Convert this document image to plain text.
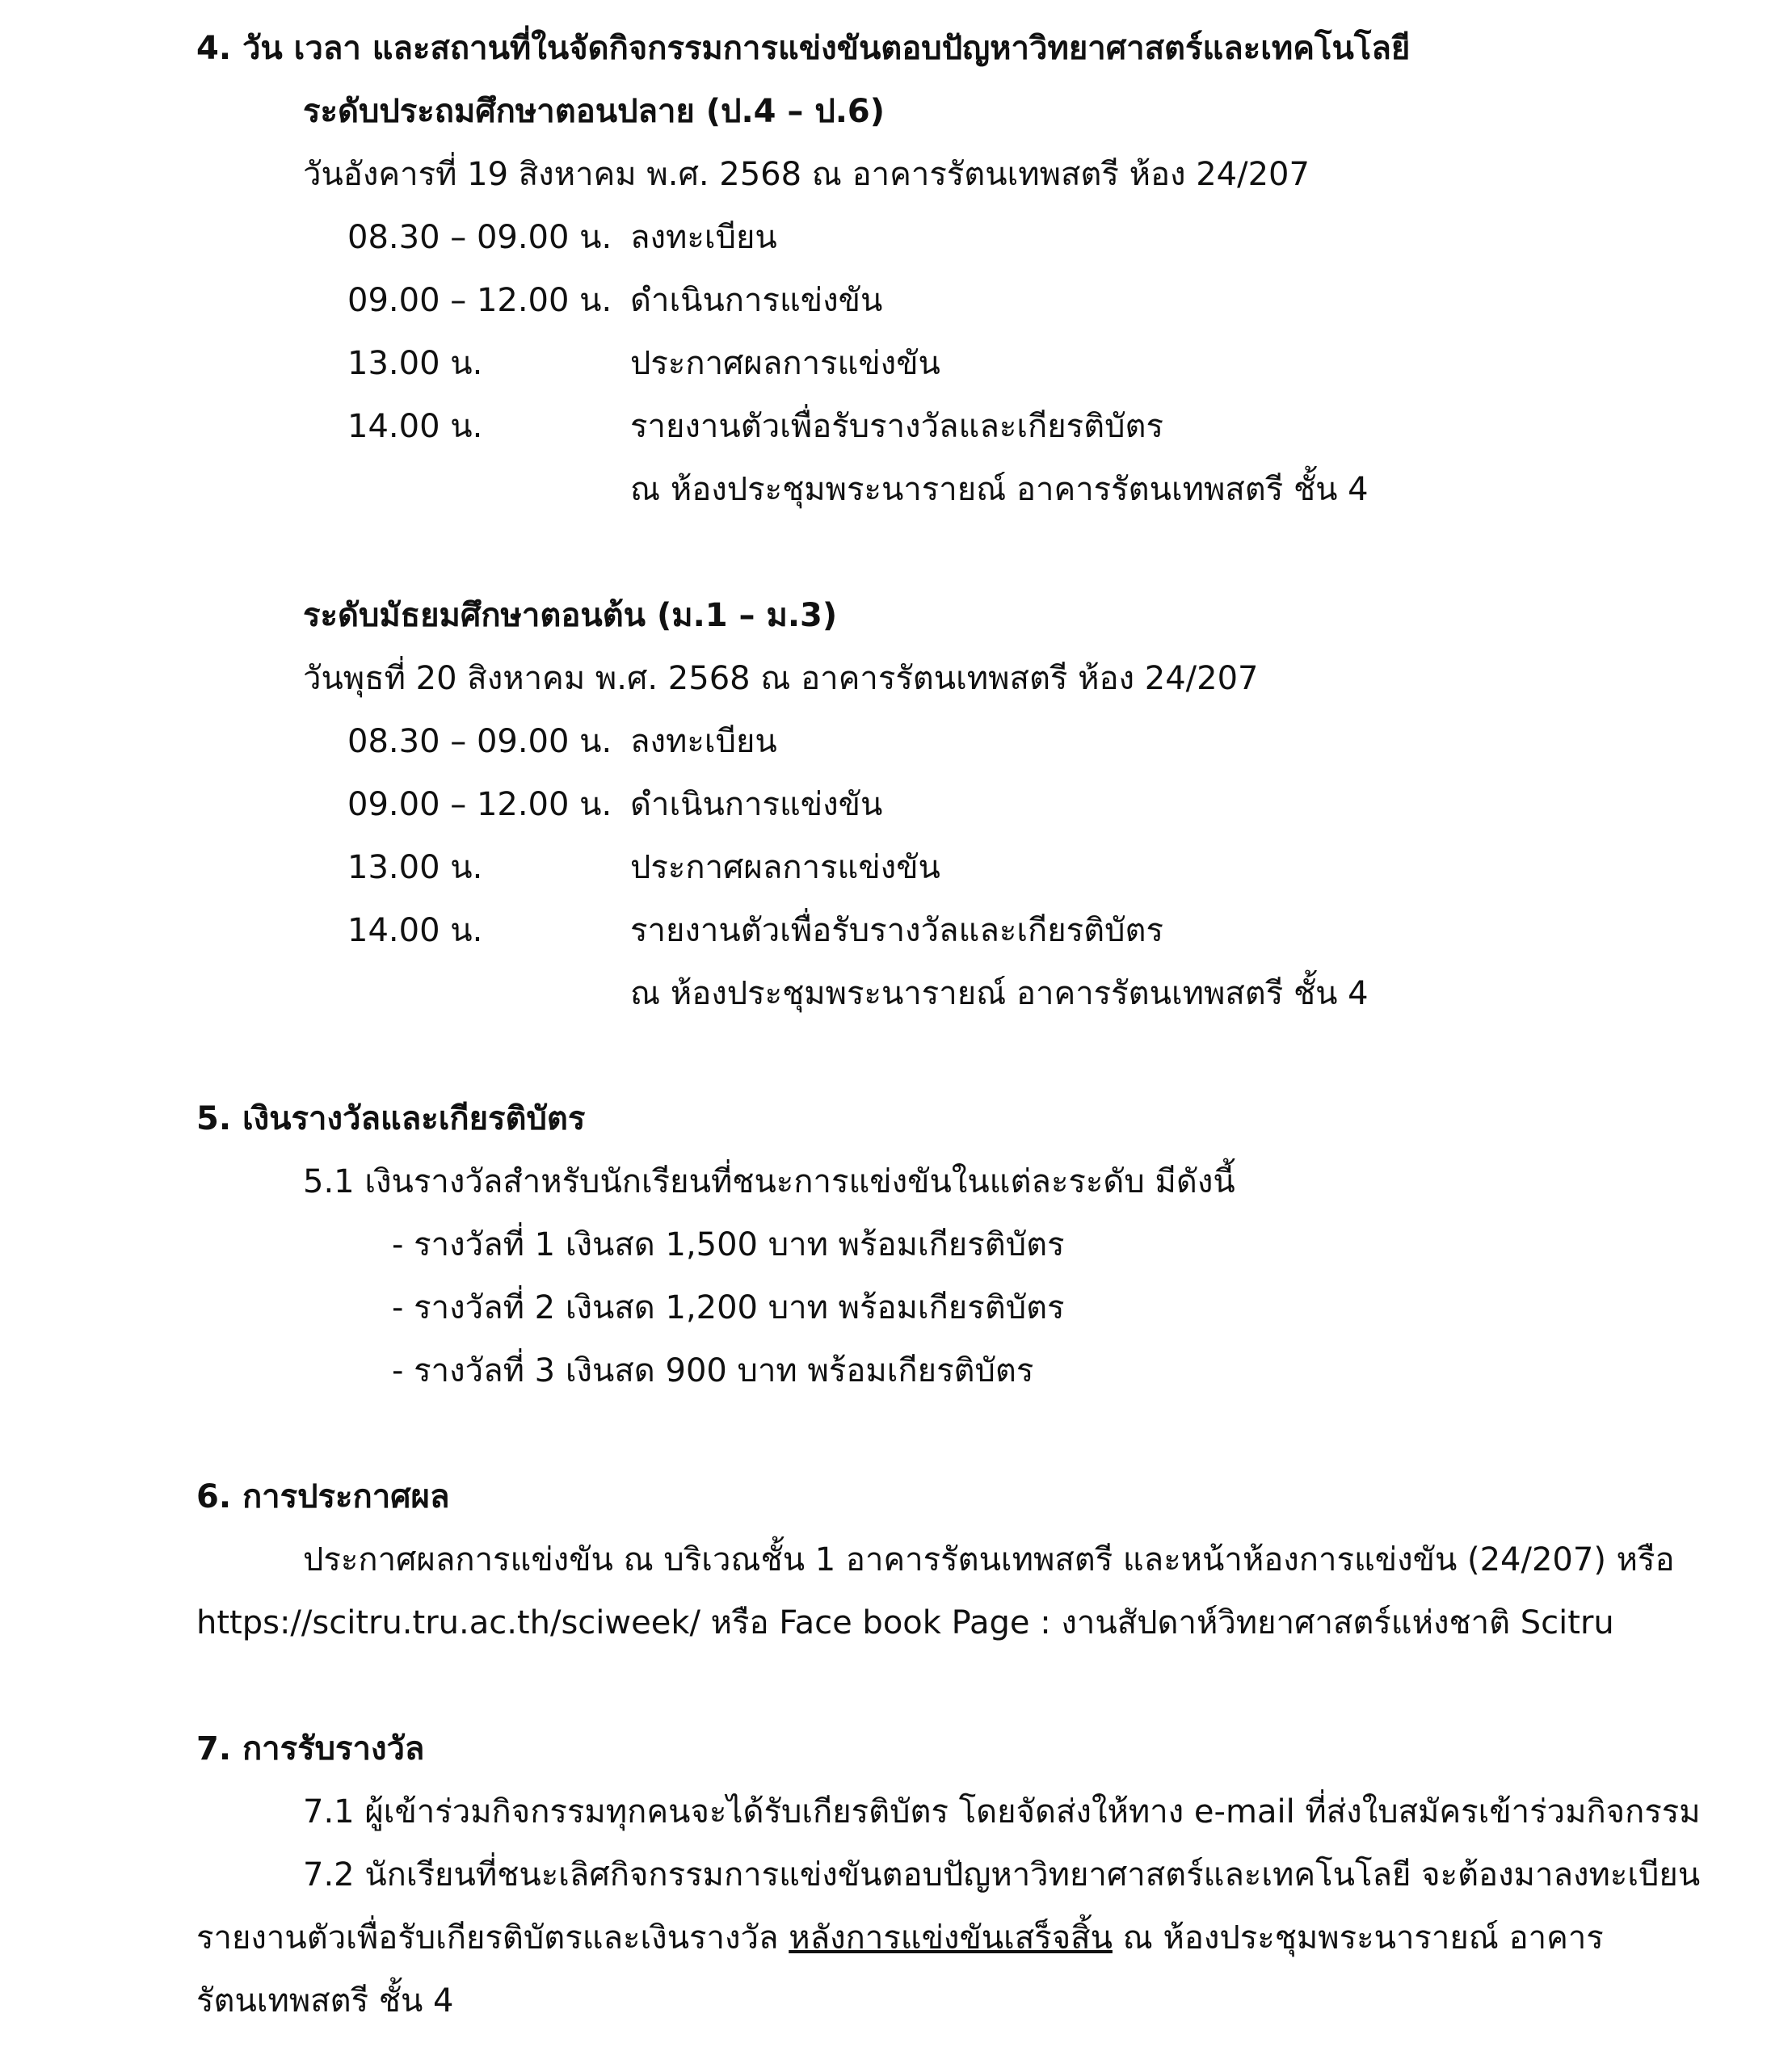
4. วัน เวลา และสถานที่ในจัดกิจกรรมการแข่งขันตอบปัญหาวิทยาศาสตร์และเทคโนโลยี
ระดับประถมศึกษาตอนปลาย (ป.4 – ป.6)
วันอังคารที่ 19 สิงหาคม พ.ศ. 2568 ณ อาคารรัตนเทพสตรี ห้อง 24/207
08.30 – 09.00 น. ลงทะเบียน
09.00 – 12.00 น. ดำเนินการแข่งขัน
13.00 น.	ประกาศผลการแข่งขัน
14.00 น.	รายงานตัวเพื่อรับรางวัลและเกียรติบัตร
ณ ห้องประชุมพระนารายณ์ อาคารรัตนเทพสตรี ชั้น 4
ระดับมัธยมศึกษาตอนต้น (ม.1 – ม.3)
วันพุธที่ 20 สิงหาคม พ.ศ. 2568 ณ อาคารรัตนเทพสตรี ห้อง 24/207
08.30 – 09.00 น. ลงทะเบียน
09.00 – 12.00 น. ดำเนินการแข่งขัน
13.00 น.	ประกาศผลการแข่งขัน
14.00 น.	รายงานตัวเพื่อรับรางวัลและเกียรติบัตร
ณ ห้องประชุมพระนารายณ์ อาคารรัตนเทพสตรี ชั้น 4
5. เงินรางวัลและเกียรติบัตร
5.1 เงินรางวัลสำหรับนักเรียนที่ชนะการแข่งขันในแต่ละระดับ มีดังนี้
- รางวัลที่ 1 เงินสด 1,500 บาท พร้อมเกียรติบัตร
- รางวัลที่ 2 เงินสด 1,200 บาท พร้อมเกียรติบัตร
- รางวัลที่ 3 เงินสด 900 บาท พร้อมเกียรติบัตร
6. การประกาศผล
ประกาศผลการแข่งขัน ณ บริเวณชั้น 1 อาคารรัตนเทพสตรี และหน้าห้องการแข่งขัน (24/207) หรือ
https://scitru.tru.ac.th/sciweek/ หรือ Face book Page : งานสัปดาห์วิทยาศาสตร์แห่งชาติ Scitru
7. การรับรางวัล
7.1 ผู้เข้าร่วมกิจกรรมทุกคนจะได้รับเกียรติบัตร โดยจัดส่งให้ทาง e-mail ที่ส่งใบสมัครเข้าร่วมกิจกรรม
7.2 นักเรียนที่ชนะเลิศกิจกรรมการแข่งขันตอบปัญหาวิทยาศาสตร์และเทคโนโลยี จะต้องมาลงทะเบียน
รายงานตัวเพื่อรับเกียรติบัตรและเงินรางวัล หลังการแข่งขันเสร็จสิ้น ณ ห้องประชุมพระนารายณ์ อาคาร
รัตนเทพสตรี ชั้น 4
